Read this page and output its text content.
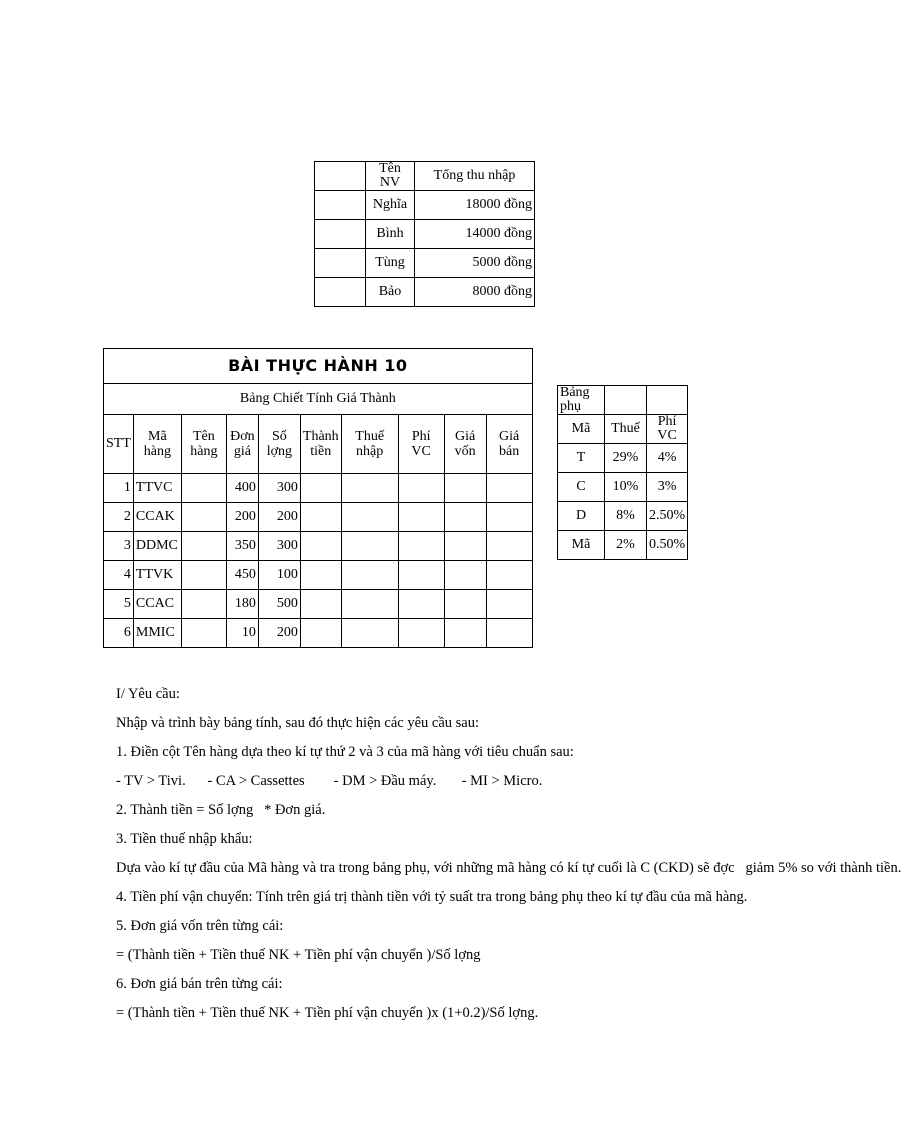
	Tên NV	Tổng thu nhập
	Nghĩa	18000 đồng
	Bình	14000 đồng
	Tùng	5000 đồng
	Bảo	8000 đồng
BÀI THỰC HÀNH 10									
Bảng Chiết Tính Giá Thành									
STT	Mã hàng	Tên hàng	Đơn giá	Số lợng	Thành tiền	Thuế nhập	Phí VC	Giá vốn	Giá bán
1	TTVC		400	300					
2	CCAK		200	200					
3	DDMC		350	300					
4	TTVK		450	100					
5	CCAC		180	500					
6	MMIC		10	200					
Bảng phụ		
Mã	Thuế	Phí VC
T	29%	4%
C	10%	3%
D	8%	2.50%
Mã	2%	0.50%
I/ Yêu cầu:
Nhập và trình bày bảng tính, sau đó thực hiện các yêu cầu sau:
1. Điền cột Tên hàng dựa theo kí tự thứ 2 và 3 của mã hàng với tiêu chuẩn sau:
- TV > Tivi.      - CA > Cassettes        - DM > Đầu máy.       - MI > Micro.
2. Thành tiền = Số lợng   * Đơn giá.
3. Tiền thuế nhập khẩu:
Dựa vào kí tự đầu của Mã hàng và tra trong bảng phụ, với những mã hàng có kí tự cuối là C (CKD) sẽ đợc   giảm 5% so với thành tiền.
4. Tiền phí vận chuyển: Tính trên giá trị thành tiền với tỷ suất tra trong bảng phụ theo kí tự đầu của mã hàng.
5. Đơn giá vốn trên từng cái:
= (Thành tiền + Tiền thuế NK + Tiền phí vận chuyển )/Số lợng
6. Đơn giá bán trên từng cái:
= (Thành tiền + Tiền thuế NK + Tiền phí vận chuyển )x (1+0.2)/Số lợng.
